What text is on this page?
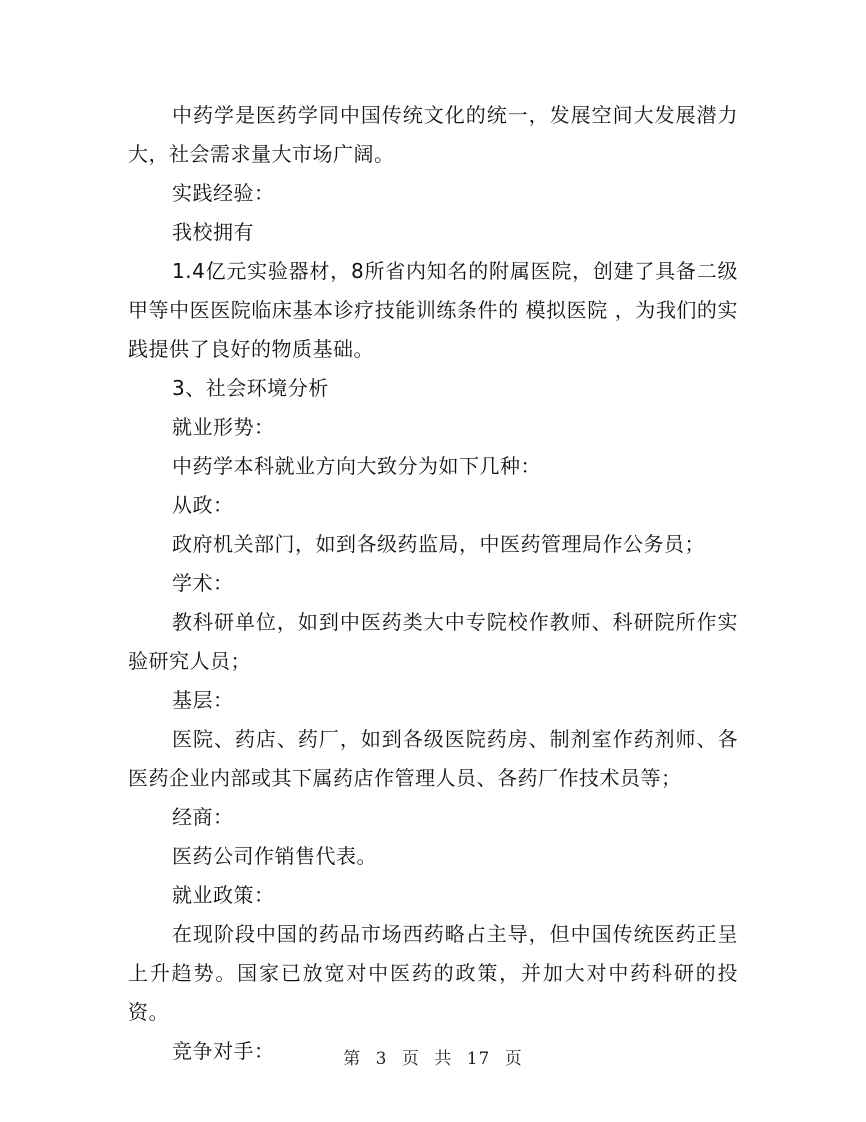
中药学是医药学同中国传统文化的统一，发展空间大发展潜力大，社会需求量大市场广阔。

实践经验：

我校拥有

1.4亿元实验器材，8所省内知名的附属医院，创建了具备二级甲等中医医院临床基本诊疗技能训练条件的 模拟医院 ，为我们的实践提供了良好的物质基础。

3、社会环境分析

就业形势：

中药学本科就业方向大致分为如下几种：

从政：

政府机关部门，如到各级药监局，中医药管理局作公务员；

学术：

教科研单位，如到中医药类大中专院校作教师、科研院所作实验研究人员；

基层：

医院、药店、药厂，如到各级医院药房、制剂室作药剂师、各医药企业内部或其下属药店作管理人员、各药厂作技术员等；

经商：

医药公司作销售代表。

就业政策：

在现阶段中国的药品市场西药略占主导，但中国传统医药正呈上升趋势。国家已放宽对中医药的政策，并加大对中药科研的投资。

竞争对手：	第 3 页 共 17 页
